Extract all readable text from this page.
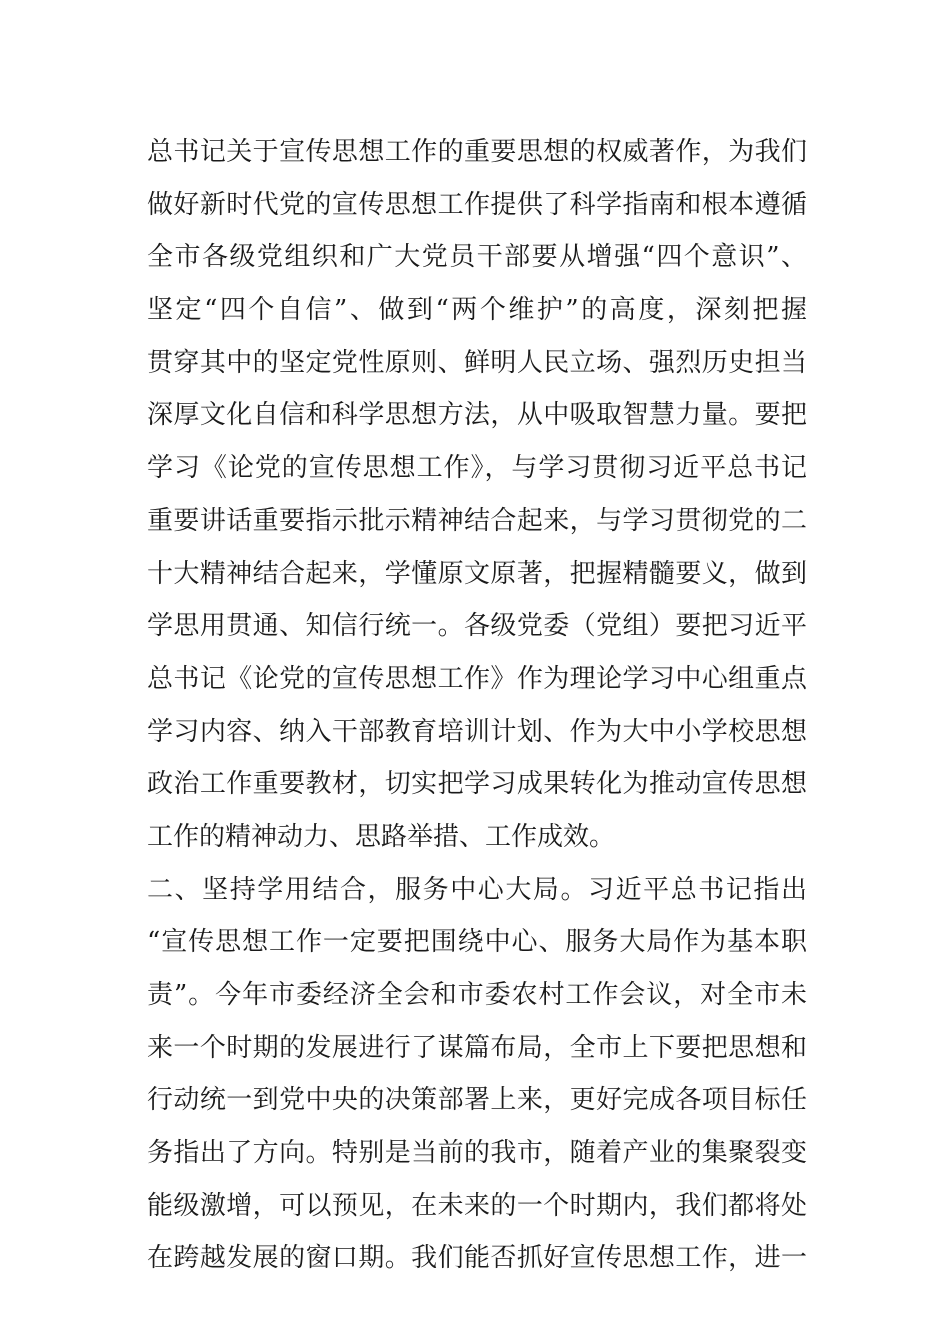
总书记关于宣传思想工作的重要思想的权威著作，为我们
做好新时代党的宣传思想工作提供了科学指南和根本遵循
全市各级党组织和广大党员干部要从增强“四个意识”、
坚定“四个自信”、做到“两个维护”的高度，深刻把握
贯穿其中的坚定党性原则、鲜明人民立场、强烈历史担当
深厚文化自信和科学思想方法，从中吸取智慧力量。要把
学习《论党的宣传思想工作》，与学习贯彻习近平总书记
重要讲话重要指示批示精神结合起来，与学习贯彻党的二
十大精神结合起来，学懂原文原著，把握精髓要义，做到
学思用贯通、知信行统一。各级党委（党组）要把习近平
总书记《论党的宣传思想工作》作为理论学习中心组重点
学习内容、纳入干部教育培训计划、作为大中小学校思想
政治工作重要教材，切实把学习成果转化为推动宣传思想
工作的精神动力、思路举措、工作成效。
二、坚持学用结合，服务中心大局。习近平总书记指出
“宣传思想工作一定要把围绕中心、服务大局作为基本职
责”。今年市委经济全会和市委农村工作会议，对全市未
来一个时期的发展进行了谋篇布局，全市上下要把思想和
行动统一到党中央的决策部署上来，更好完成各项目标任
务指出了方向。特别是当前的我市，随着产业的集聚裂变
能级激增，可以预见，在未来的一个时期内，我们都将处
在跨越发展的窗口期。我们能否抓好宣传思想工作，进一
